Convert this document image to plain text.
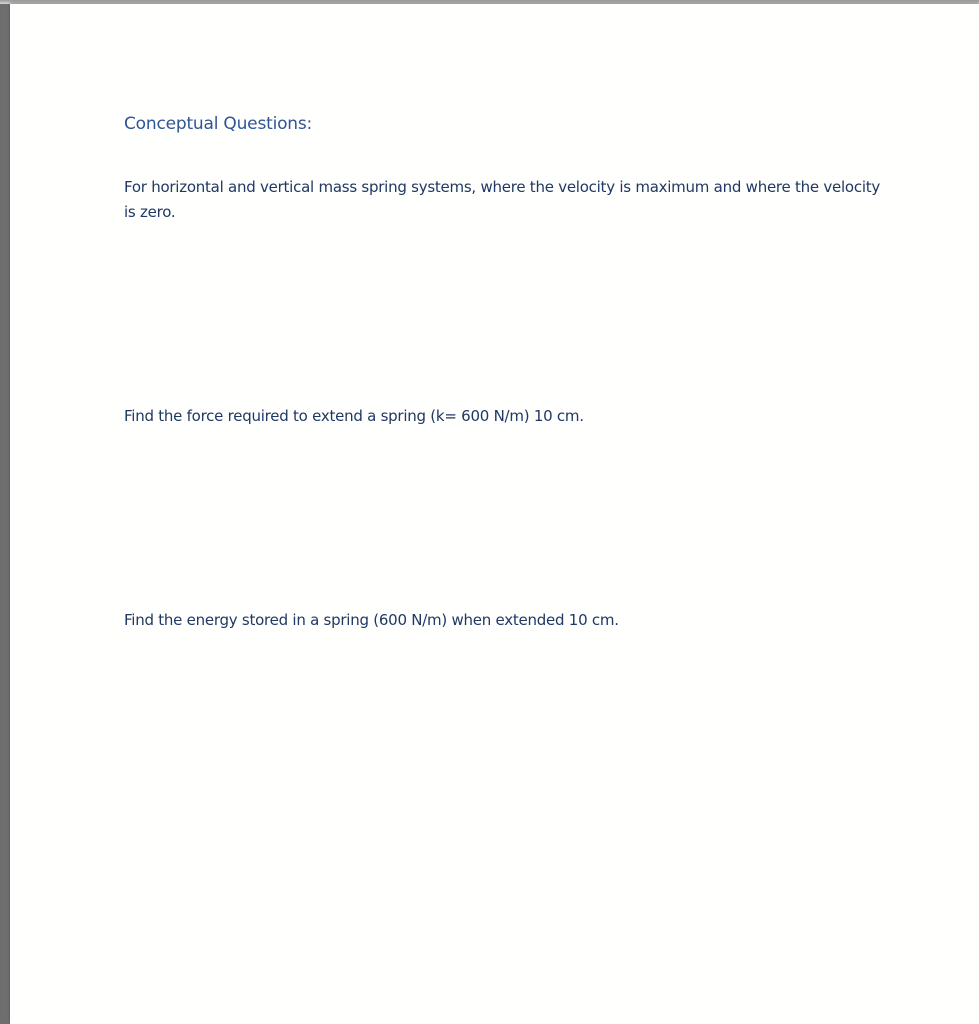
Conceptual Questions:

For horizontal and vertical mass spring systems, where the velocity is maximum and where the velocity is zero.

Find the force required to extend a spring (k= 600 N/m) 10 cm.

Find the energy stored in a spring (600 N/m) when extended 10 cm.
